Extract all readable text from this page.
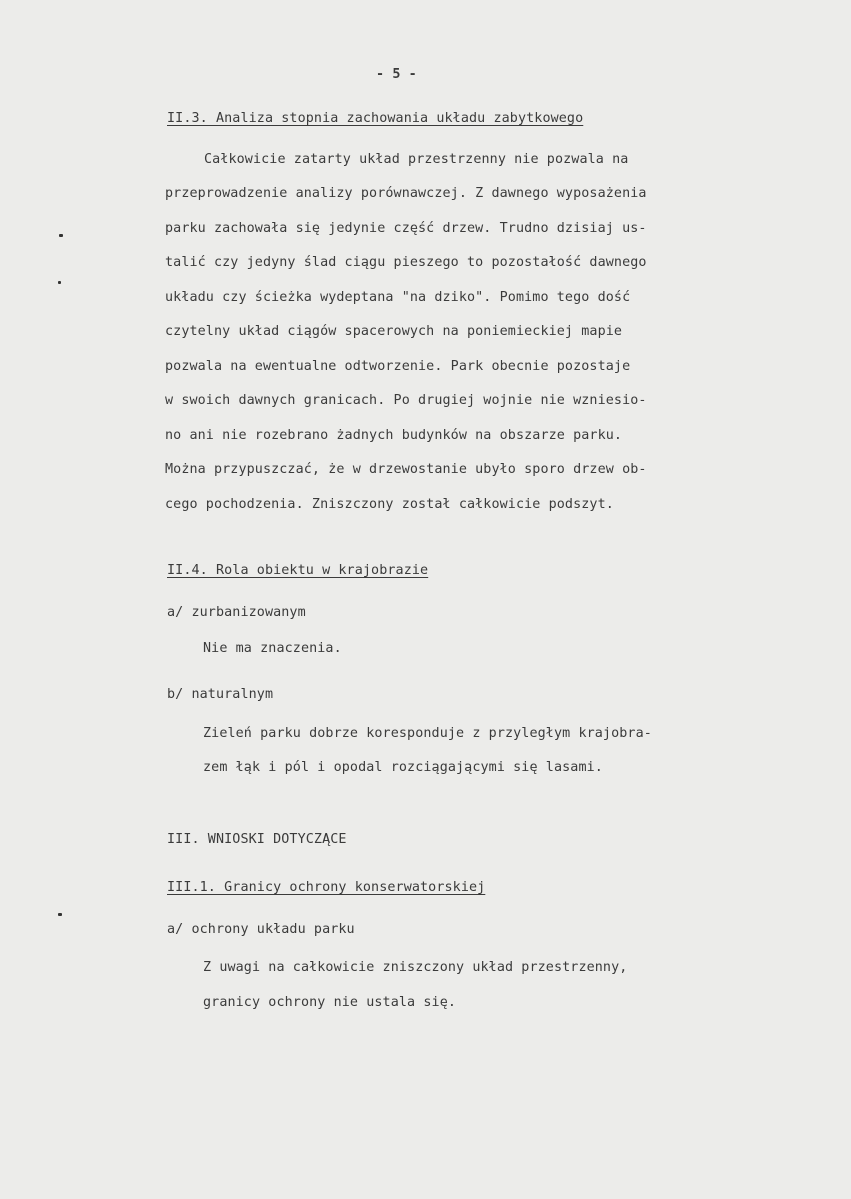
- 5 -
II.3. Analiza stopnia zachowania układu zabytkowego
Całkowicie zatarty układ przestrzenny nie pozwala na
przeprowadzenie analizy porównawczej. Z dawnego wyposażenia
parku zachowała się jedynie część drzew. Trudno dzisiaj us-
talić czy jedyny ślad ciągu pieszego to pozostałość dawnego
układu czy ścieżka wydeptana "na dziko". Pomimo tego dość
czytelny układ ciągów spacerowych na poniemieckiej mapie
pozwala na ewentualne odtworzenie. Park obecnie pozostaje
w swoich dawnych granicach. Po drugiej wojnie nie wzniesio-
no ani nie rozebrano żadnych budynków na obszarze parku.
Można przypuszczać, że w drzewostanie ubyło sporo drzew ob-
cego pochodzenia. Zniszczony został całkowicie podszyt.
II.4. Rola obiektu w krajobrazie
a/ zurbanizowanym
Nie ma znaczenia.
b/ naturalnym
Zieleń parku dobrze koresponduje z przyległym krajobra-
zem łąk i pól i opodal rozciągającymi się lasami.
III. WNIOSKI DOTYCZĄCE
III.1. Granicy ochrony konserwatorskiej
a/ ochrony układu parku
Z uwagi na całkowicie zniszczony układ przestrzenny,
granicy ochrony nie ustala się.
